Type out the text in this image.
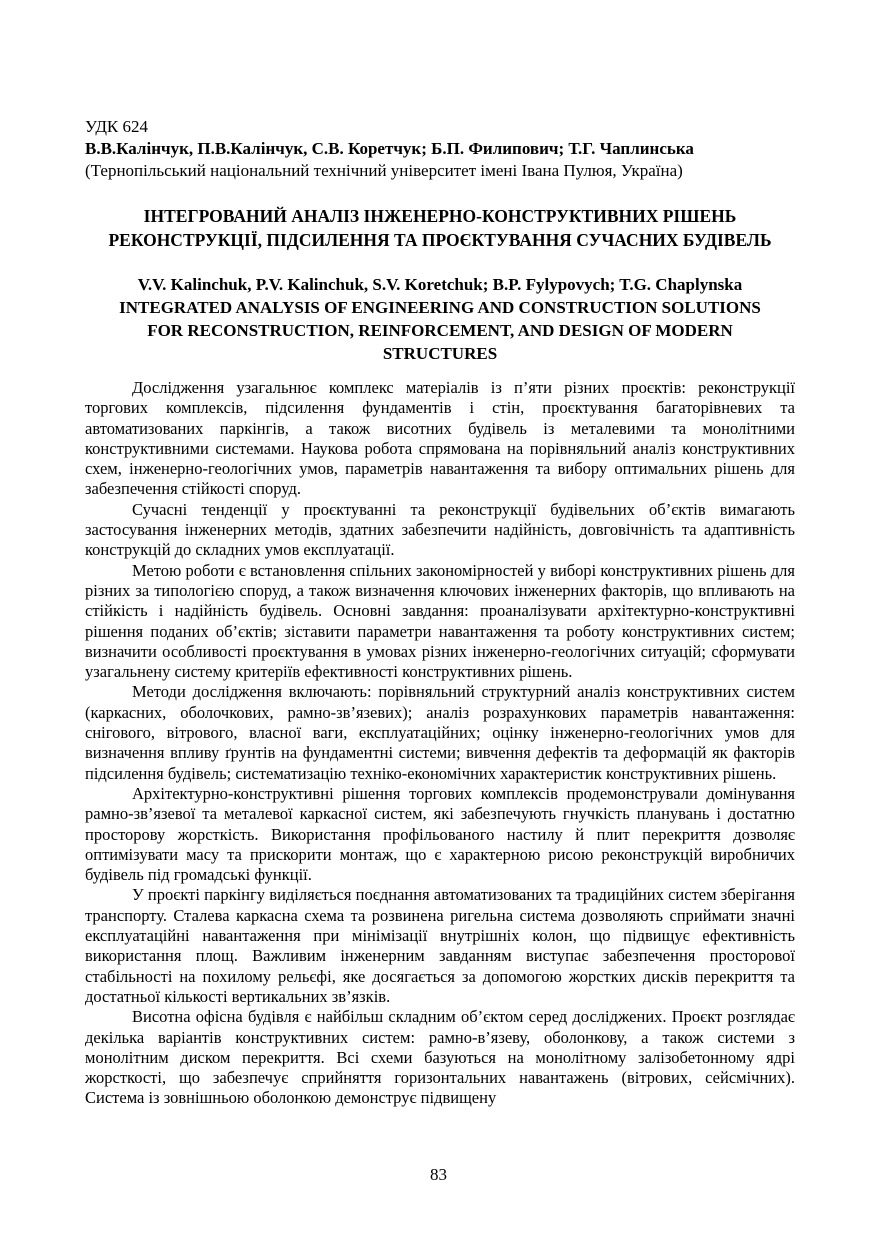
УДК 624
В.В.Калінчук, П.В.Калінчук, С.В. Коретчук; Б.П. Филипович; Т.Г. Чаплинська
(Тернопільський національний технічний університет імені Івана Пулюя, Україна)
ІНТЕГРОВАНИЙ АНАЛІЗ ІНЖЕНЕРНО-КОНСТРУКТИВНИХ РІШЕНЬ РЕКОНСТРУКЦІЇ, ПІДСИЛЕННЯ ТА ПРОЄКТУВАННЯ СУЧАСНИХ БУДІВЕЛЬ
V.V. Kalinchuk, P.V. Kalinchuk, S.V. Koretchuk; B.P. Fylypovych; T.G. Chaplynska
INTEGRATED ANALYSIS OF ENGINEERING AND CONSTRUCTION SOLUTIONS FOR RECONSTRUCTION, REINFORCEMENT, AND DESIGN OF MODERN STRUCTURES

Дослідження узагальнює комплекс матеріалів із п’яти різних проєктів: реконструкції торгових комплексів, підсилення фундаментів і стін, проєктування багаторівневих та автоматизованих паркінгів, а також висотних будівель із металевими та монолітними конструктивними системами. Наукова робота спрямована на порівняльний аналіз конструктивних схем, інженерно-геологічних умов, параметрів навантаження та вибору оптимальних рішень для забезпечення стійкості споруд.

Сучасні тенденції у проєктуванні та реконструкції будівельних об’єктів вимагають застосування інженерних методів, здатних забезпечити надійність, довговічність та адаптивність конструкцій до складних умов експлуатації.

Метою роботи є встановлення спільних закономірностей у виборі конструктивних рішень для різних за типологією споруд, а також визначення ключових інженерних факторів, що впливають на стійкість і надійність будівель. Основні завдання: проаналізувати архітектурно-конструктивні рішення поданих об’єктів; зіставити параметри навантаження та роботу конструктивних систем; визначити особливості проєктування в умовах різних інженерно-геологічних ситуацій; сформувати узагальнену систему критеріїв ефективності конструктивних рішень.

Методи дослідження включають: порівняльний структурний аналіз конструктивних систем (каркасних, оболочкових, рамно-зв’язевих); аналіз розрахункових параметрів навантаження: снігового, вітрового, власної ваги, експлуатаційних; оцінку інженерно-геологічних умов для визначення впливу ґрунтів на фундаментні системи; вивчення дефектів та деформацій як факторів підсилення будівель; систематизацію техніко-економічних характеристик конструктивних рішень.

Архітектурно-конструктивні рішення торгових комплексів продемонстрували домінування рамно-зв’язевої та металевої каркасної систем, які забезпечують гнучкість планувань і достатню просторову жорсткість. Використання профільованого настилу й плит перекриття дозволяє оптимізувати масу та прискорити монтаж, що є характерною рисою реконструкцій виробничих будівель під громадські функції.

У проєкті паркінгу виділяється поєднання автоматизованих та традиційних систем зберігання транспорту. Сталева каркасна схема та розвинена ригельна система дозволяють сприймати значні експлуатаційні навантаження при мінімізації внутрішніх колон, що підвищує ефективність використання площ. Важливим інженерним завданням виступає забезпечення просторової стабільності на похилому рельєфі, яке досягається за допомогою жорстких дисків перекриття та достатньої кількості вертикальних зв’язків.

Висотна офісна будівля є найбільш складним об’єктом серед досліджених. Проєкт розглядає декілька варіантів конструктивних систем: рамно-в’язеву, оболонкову, а також системи з монолітним диском перекриття. Всі схеми базуються на монолітному залізобетонному ядрі жорсткості, що забезпечує сприйняття горизонтальних навантажень (вітрових, сейсмічних). Система із зовнішньою оболонкою демонструє підвищену

83
